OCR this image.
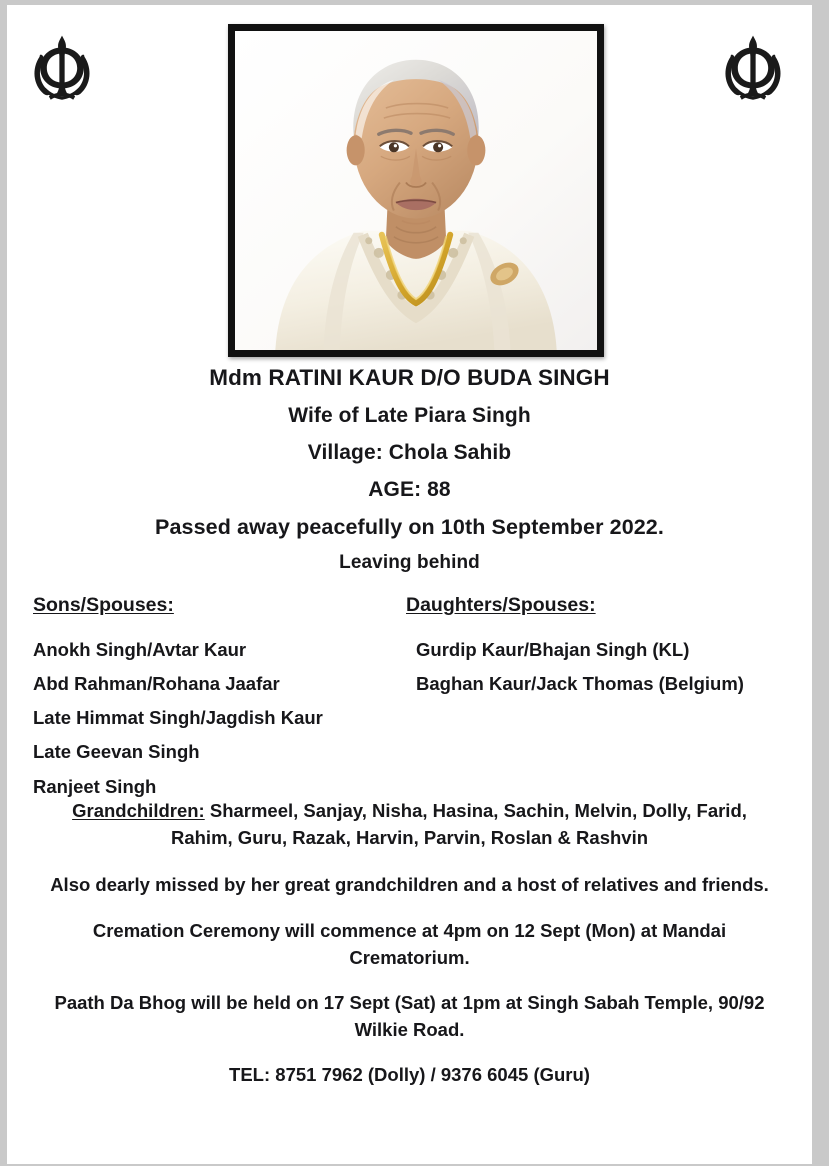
Mdm RATINI KAUR D/O BUDA SINGH
Wife of Late Piara Singh
Village: Chola Sahib
AGE: 88
Passed away peacefully on 10th September 2022.
Leaving behind
Sons/Spouses:
Anokh Singh/Avtar Kaur
Abd Rahman/Rohana Jaafar
Late Himmat Singh/Jagdish Kaur
Late Geevan Singh
Ranjeet Singh
Daughters/Spouses:
Gurdip Kaur/Bhajan Singh (KL)
Baghan Kaur/Jack Thomas (Belgium)
Grandchildren: Sharmeel, Sanjay, Nisha, Hasina, Sachin, Melvin, Dolly, Farid, Rahim, Guru, Razak, Harvin, Parvin, Roslan & Rashvin
Also dearly missed by her great grandchildren and a host of relatives and friends.
Cremation Ceremony will commence at 4pm on 12 Sept (Mon) at Mandai Crematorium.
Paath Da Bhog will be held on 17 Sept (Sat) at 1pm at Singh Sabah Temple, 90/92 Wilkie Road.
TEL: 8751 7962 (Dolly) / 9376 6045 (Guru)
